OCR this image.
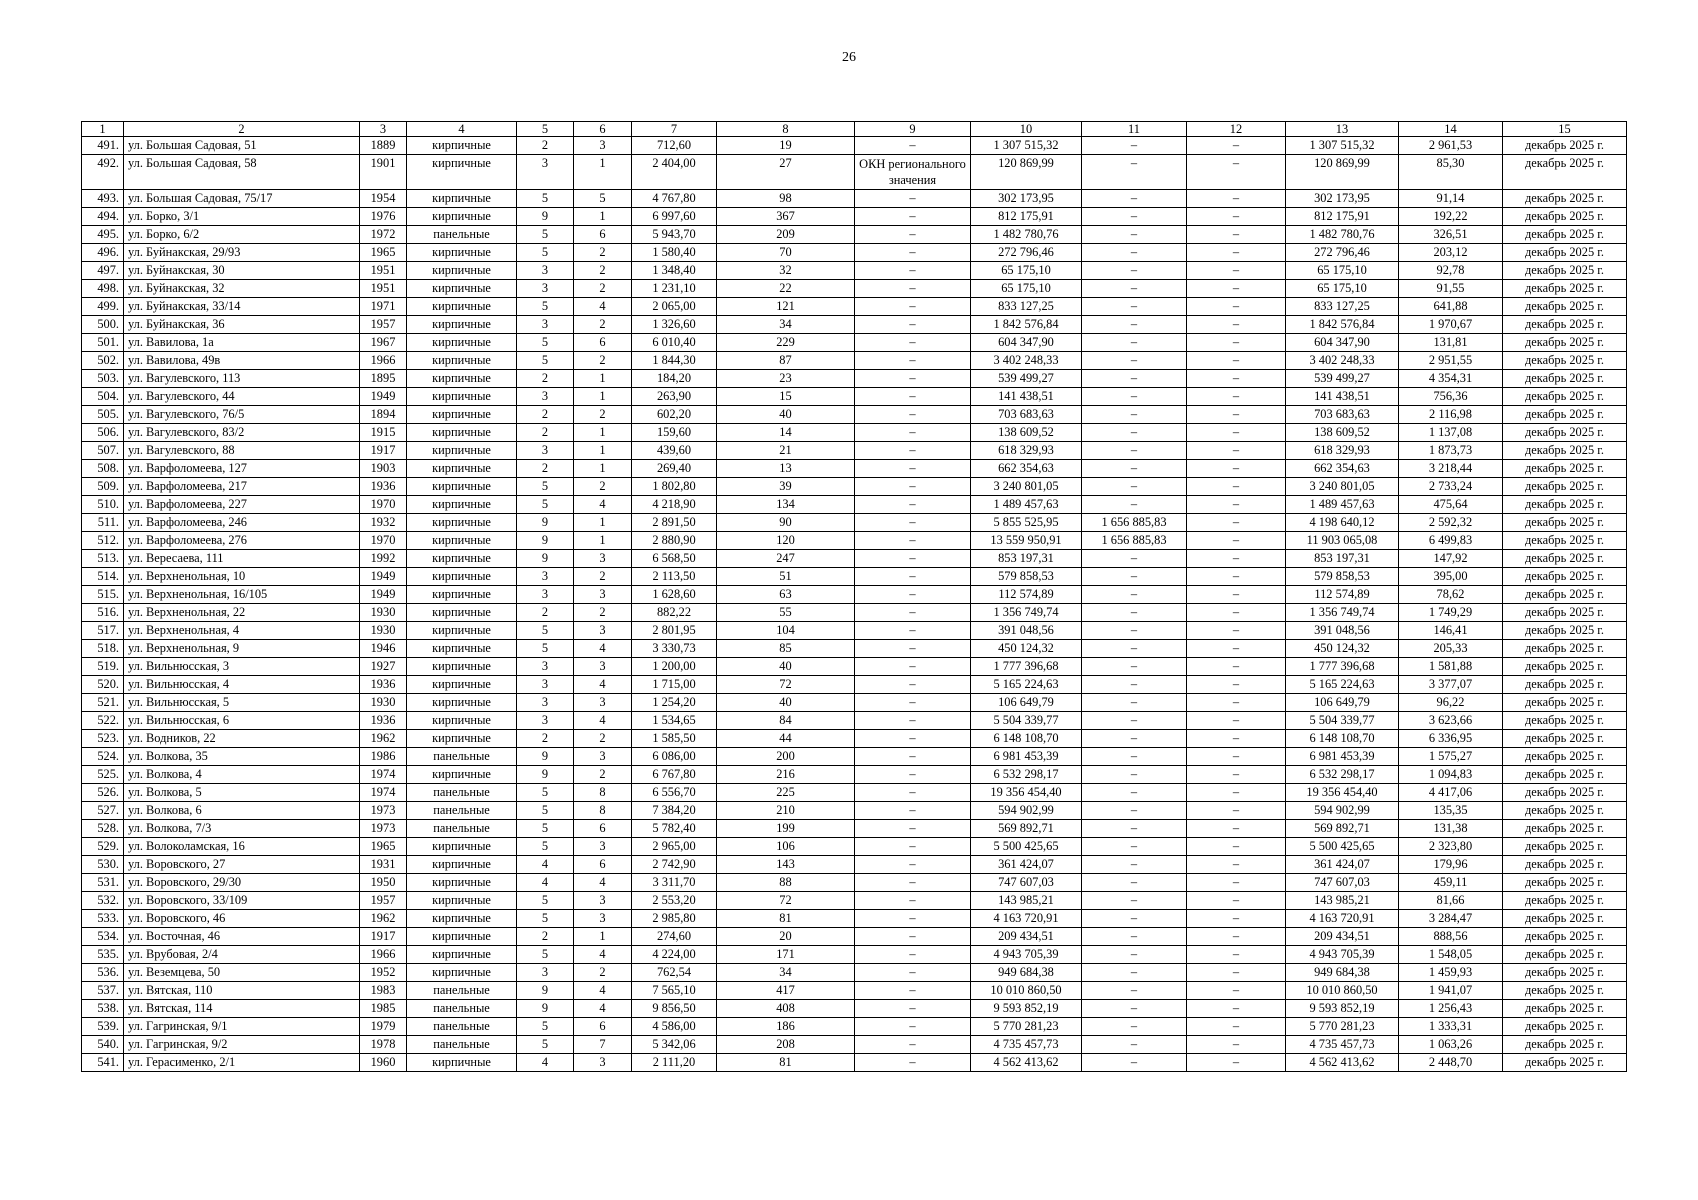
26
1	2	3	4	5	6	7	8	9	10	11	12	13	14	15
491.	ул. Большая Садовая, 51	1889	кирпичные	2	3	712,60	19	–	1 307 515,32	–	–	1 307 515,32	2 961,53	декабрь 2025 г.
492.	ул. Большая Садовая, 58	1901	кирпичные	3	1	2 404,00	27	ОКН регионального значения	120 869,99	–	–	120 869,99	85,30	декабрь 2025 г.
493.	ул. Большая Садовая, 75/17	1954	кирпичные	5	5	4 767,80	98	–	302 173,95	–	–	302 173,95	91,14	декабрь 2025 г.
494.	ул. Борко, 3/1	1976	кирпичные	9	1	6 997,60	367	–	812 175,91	–	–	812 175,91	192,22	декабрь 2025 г.
495.	ул. Борко, 6/2	1972	панельные	5	6	5 943,70	209	–	1 482 780,76	–	–	1 482 780,76	326,51	декабрь 2025 г.
496.	ул. Буйнакская, 29/93	1965	кирпичные	5	2	1 580,40	70	–	272 796,46	–	–	272 796,46	203,12	декабрь 2025 г.
497.	ул. Буйнакская, 30	1951	кирпичные	3	2	1 348,40	32	–	65 175,10	–	–	65 175,10	92,78	декабрь 2025 г.
498.	ул. Буйнакская, 32	1951	кирпичные	3	2	1 231,10	22	–	65 175,10	–	–	65 175,10	91,55	декабрь 2025 г.
499.	ул. Буйнакская, 33/14	1971	кирпичные	5	4	2 065,00	121	–	833 127,25	–	–	833 127,25	641,88	декабрь 2025 г.
500.	ул. Буйнакская, 36	1957	кирпичные	3	2	1 326,60	34	–	1 842 576,84	–	–	1 842 576,84	1 970,67	декабрь 2025 г.
501.	ул. Вавилова, 1а	1967	кирпичные	5	6	6 010,40	229	–	604 347,90	–	–	604 347,90	131,81	декабрь 2025 г.
502.	ул. Вавилова, 49в	1966	кирпичные	5	2	1 844,30	87	–	3 402 248,33	–	–	3 402 248,33	2 951,55	декабрь 2025 г.
503.	ул. Вагулевского, 113	1895	кирпичные	2	1	184,20	23	–	539 499,27	–	–	539 499,27	4 354,31	декабрь 2025 г.
504.	ул. Вагулевского, 44	1949	кирпичные	3	1	263,90	15	–	141 438,51	–	–	141 438,51	756,36	декабрь 2025 г.
505.	ул. Вагулевского, 76/5	1894	кирпичные	2	2	602,20	40	–	703 683,63	–	–	703 683,63	2 116,98	декабрь 2025 г.
506.	ул. Вагулевского, 83/2	1915	кирпичные	2	1	159,60	14	–	138 609,52	–	–	138 609,52	1 137,08	декабрь 2025 г.
507.	ул. Вагулевского, 88	1917	кирпичные	3	1	439,60	21	–	618 329,93	–	–	618 329,93	1 873,73	декабрь 2025 г.
508.	ул. Варфоломеева, 127	1903	кирпичные	2	1	269,40	13	–	662 354,63	–	–	662 354,63	3 218,44	декабрь 2025 г.
509.	ул. Варфоломеева, 217	1936	кирпичные	5	2	1 802,80	39	–	3 240 801,05	–	–	3 240 801,05	2 733,24	декабрь 2025 г.
510.	ул. Варфоломеева, 227	1970	кирпичные	5	4	4 218,90	134	–	1 489 457,63	–	–	1 489 457,63	475,64	декабрь 2025 г.
511.	ул. Варфоломеева, 246	1932	кирпичные	9	1	2 891,50	90	–	5 855 525,95	1 656 885,83	–	4 198 640,12	2 592,32	декабрь 2025 г.
512.	ул. Варфоломеева, 276	1970	кирпичные	9	1	2 880,90	120	–	13 559 950,91	1 656 885,83	–	11 903 065,08	6 499,83	декабрь 2025 г.
513.	ул. Вересаева, 111	1992	кирпичные	9	3	6 568,50	247	–	853 197,31	–	–	853 197,31	147,92	декабрь 2025 г.
514.	ул. Верхненольная, 10	1949	кирпичные	3	2	2 113,50	51	–	579 858,53	–	–	579 858,53	395,00	декабрь 2025 г.
515.	ул. Верхненольная, 16/105	1949	кирпичные	3	3	1 628,60	63	–	112 574,89	–	–	112 574,89	78,62	декабрь 2025 г.
516.	ул. Верхненольная, 22	1930	кирпичные	2	2	882,22	55	–	1 356 749,74	–	–	1 356 749,74	1 749,29	декабрь 2025 г.
517.	ул. Верхненольная, 4	1930	кирпичные	5	3	2 801,95	104	–	391 048,56	–	–	391 048,56	146,41	декабрь 2025 г.
518.	ул. Верхненольная, 9	1946	кирпичные	5	4	3 330,73	85	–	450 124,32	–	–	450 124,32	205,33	декабрь 2025 г.
519.	ул. Вильнюсская, 3	1927	кирпичные	3	3	1 200,00	40	–	1 777 396,68	–	–	1 777 396,68	1 581,88	декабрь 2025 г.
520.	ул. Вильнюсская, 4	1936	кирпичные	3	4	1 715,00	72	–	5 165 224,63	–	–	5 165 224,63	3 377,07	декабрь 2025 г.
521.	ул. Вильнюсская, 5	1930	кирпичные	3	3	1 254,20	40	–	106 649,79	–	–	106 649,79	96,22	декабрь 2025 г.
522.	ул. Вильнюсская, 6	1936	кирпичные	3	4	1 534,65	84	–	5 504 339,77	–	–	5 504 339,77	3 623,66	декабрь 2025 г.
523.	ул. Водников, 22	1962	кирпичные	2	2	1 585,50	44	–	6 148 108,70	–	–	6 148 108,70	6 336,95	декабрь 2025 г.
524.	ул. Волкова, 35	1986	панельные	9	3	6 086,00	200	–	6 981 453,39	–	–	6 981 453,39	1 575,27	декабрь 2025 г.
525.	ул. Волкова, 4	1974	кирпичные	9	2	6 767,80	216	–	6 532 298,17	–	–	6 532 298,17	1 094,83	декабрь 2025 г.
526.	ул. Волкова, 5	1974	панельные	5	8	6 556,70	225	–	19 356 454,40	–	–	19 356 454,40	4 417,06	декабрь 2025 г.
527.	ул. Волкова, 6	1973	панельные	5	8	7 384,20	210	–	594 902,99	–	–	594 902,99	135,35	декабрь 2025 г.
528.	ул. Волкова, 7/3	1973	панельные	5	6	5 782,40	199	–	569 892,71	–	–	569 892,71	131,38	декабрь 2025 г.
529.	ул. Волоколамская, 16	1965	кирпичные	5	3	2 965,00	106	–	5 500 425,65	–	–	5 500 425,65	2 323,80	декабрь 2025 г.
530.	ул. Воровского, 27	1931	кирпичные	4	6	2 742,90	143	–	361 424,07	–	–	361 424,07	179,96	декабрь 2025 г.
531.	ул. Воровского, 29/30	1950	кирпичные	4	4	3 311,70	88	–	747 607,03	–	–	747 607,03	459,11	декабрь 2025 г.
532.	ул. Воровского, 33/109	1957	кирпичные	5	3	2 553,20	72	–	143 985,21	–	–	143 985,21	81,66	декабрь 2025 г.
533.	ул. Воровского, 46	1962	кирпичные	5	3	2 985,80	81	–	4 163 720,91	–	–	4 163 720,91	3 284,47	декабрь 2025 г.
534.	ул. Восточная, 46	1917	кирпичные	2	1	274,60	20	–	209 434,51	–	–	209 434,51	888,56	декабрь 2025 г.
535.	ул. Врубовая, 2/4	1966	кирпичные	5	4	4 224,00	171	–	4 943 705,39	–	–	4 943 705,39	1 548,05	декабрь 2025 г.
536.	ул. Веземцева, 50	1952	кирпичные	3	2	762,54	34	–	949 684,38	–	–	949 684,38	1 459,93	декабрь 2025 г.
537.	ул. Вятская, 110	1983	панельные	9	4	7 565,10	417	–	10 010 860,50	–	–	10 010 860,50	1 941,07	декабрь 2025 г.
538.	ул. Вятская, 114	1985	панельные	9	4	9 856,50	408	–	9 593 852,19	–	–	9 593 852,19	1 256,43	декабрь 2025 г.
539.	ул. Гагринская, 9/1	1979	панельные	5	6	4 586,00	186	–	5 770 281,23	–	–	5 770 281,23	1 333,31	декабрь 2025 г.
540.	ул. Гагринская, 9/2	1978	панельные	5	7	5 342,06	208	–	4 735 457,73	–	–	4 735 457,73	1 063,26	декабрь 2025 г.
541.	ул. Герасименко, 2/1	1960	кирпичные	4	3	2 111,20	81	–	4 562 413,62	–	–	4 562 413,62	2 448,70	декабрь 2025 г.
